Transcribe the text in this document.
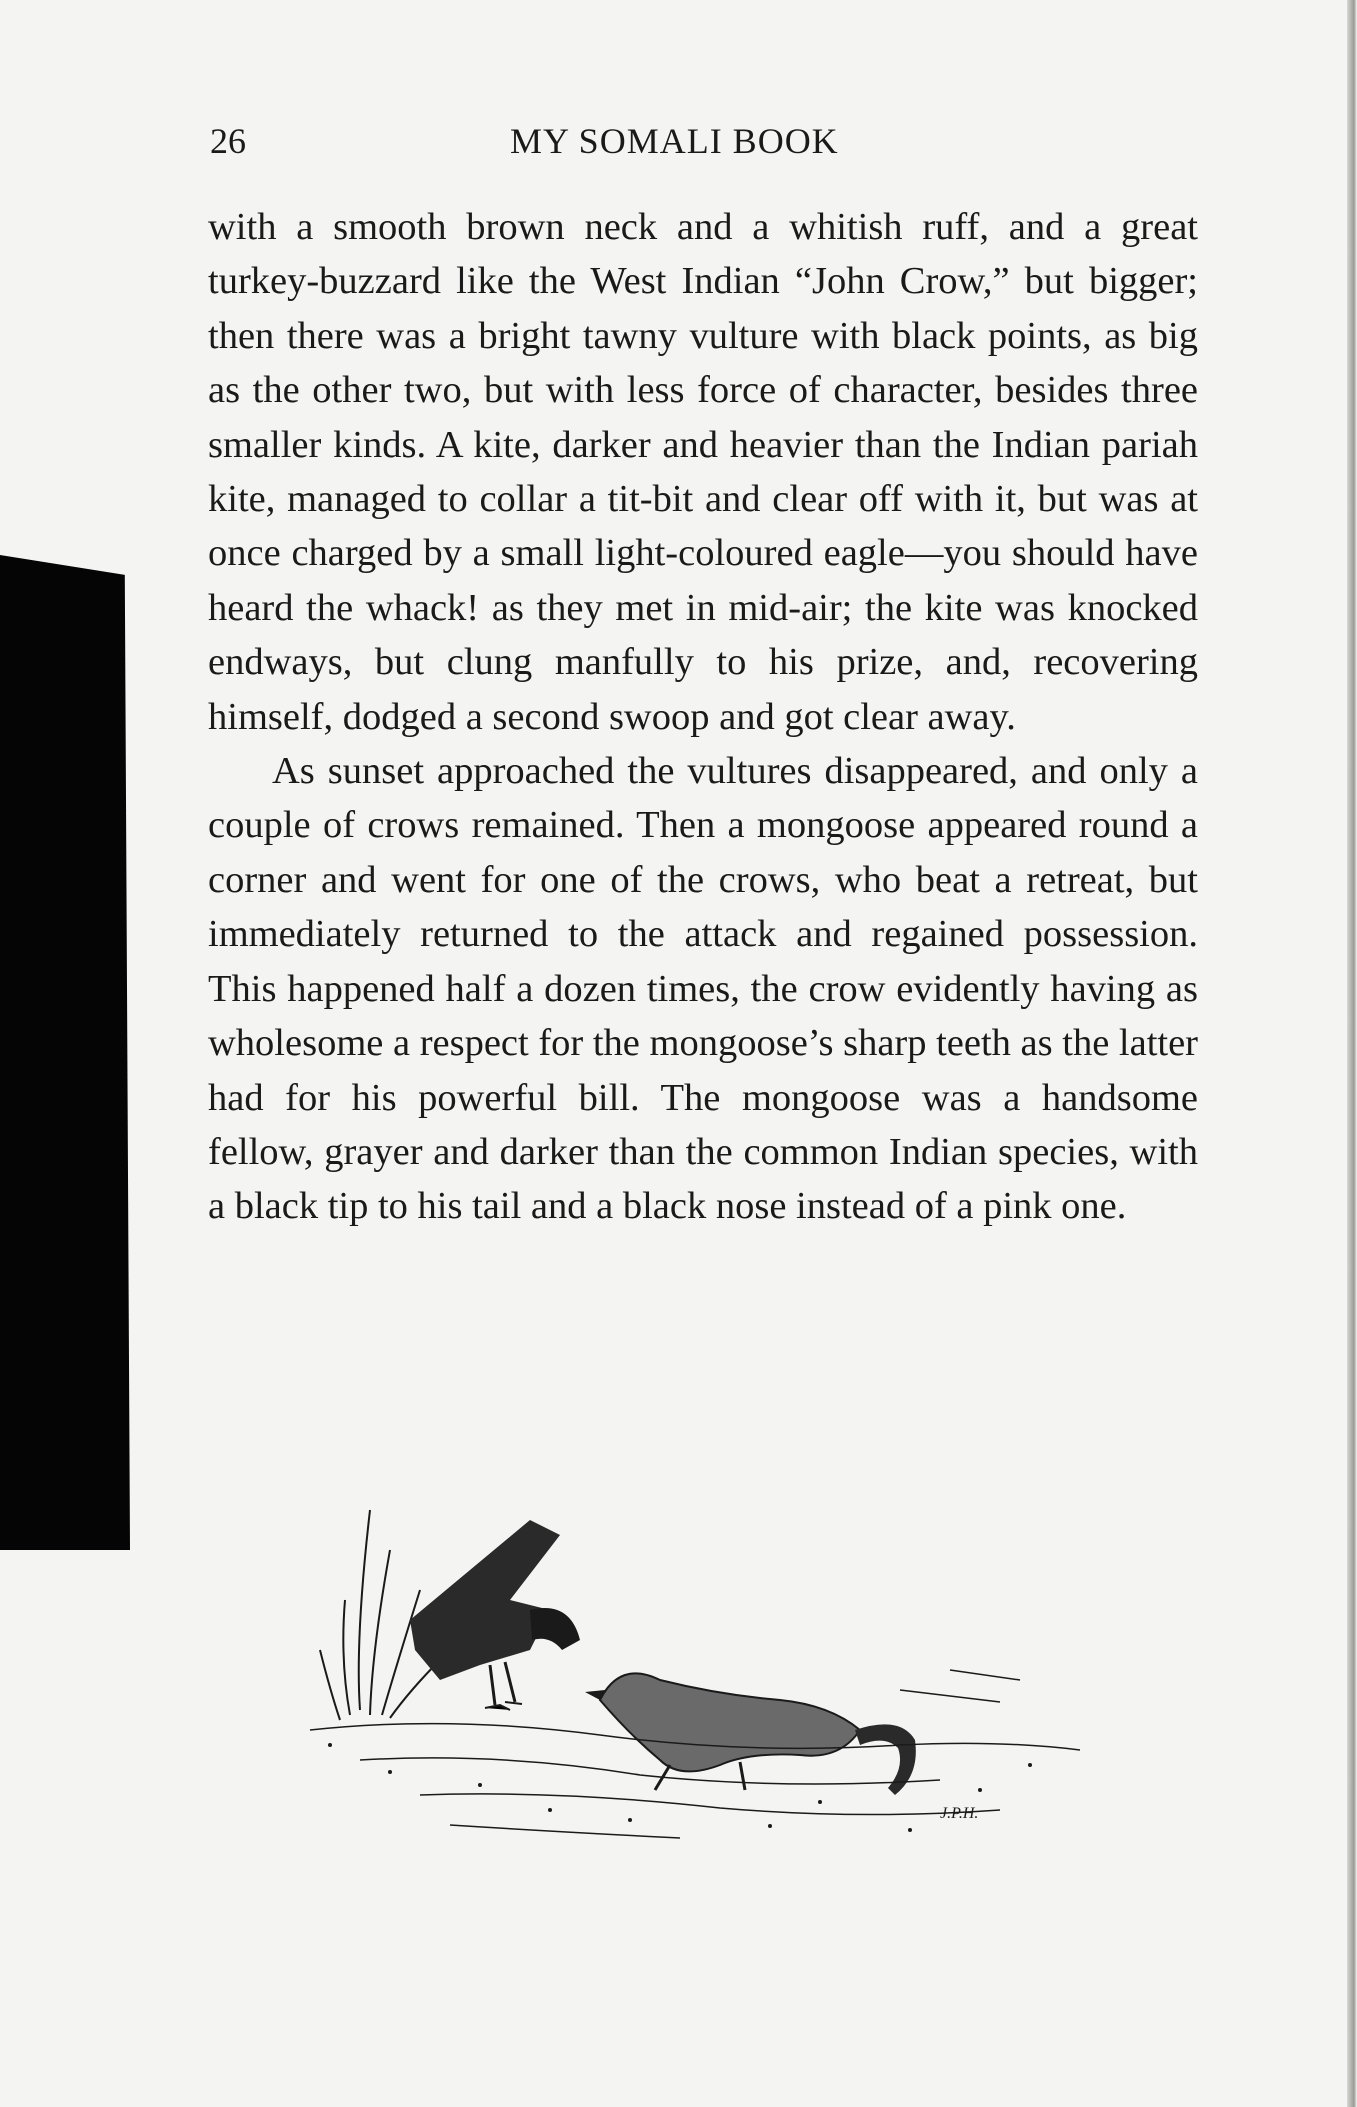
26	MY SOMALI BOOK

with a smooth brown neck and a whitish ruff, and a great turkey-buzzard like the West Indian “John Crow,” but bigger; then there was a bright tawny vulture with black points, as big as the other two, but with less force of character, besides three smaller kinds. A kite, darker and heavier than the Indian pariah kite, managed to collar a tit-bit and clear off with it, but was at once charged by a small light-coloured eagle—you should have heard the whack! as they met in mid-air; the kite was knocked endways, but clung manfully to his prize, and, recovering himself, dodged a second swoop and got clear away.

As sunset approached the vultures disappeared, and only a couple of crows remained. Then a mongoose appeared round a corner and went for one of the crows, who beat a retreat, but immediately returned to the attack and regained possession. This happened half a dozen times, the crow evidently having as wholesome a respect for the mongoose’s sharp teeth as the latter had for his powerful bill. The mongoose was a handsome fellow, grayer and darker than the common Indian species, with a black tip to his tail and a black nose instead of a pink one.

J.P.H.
